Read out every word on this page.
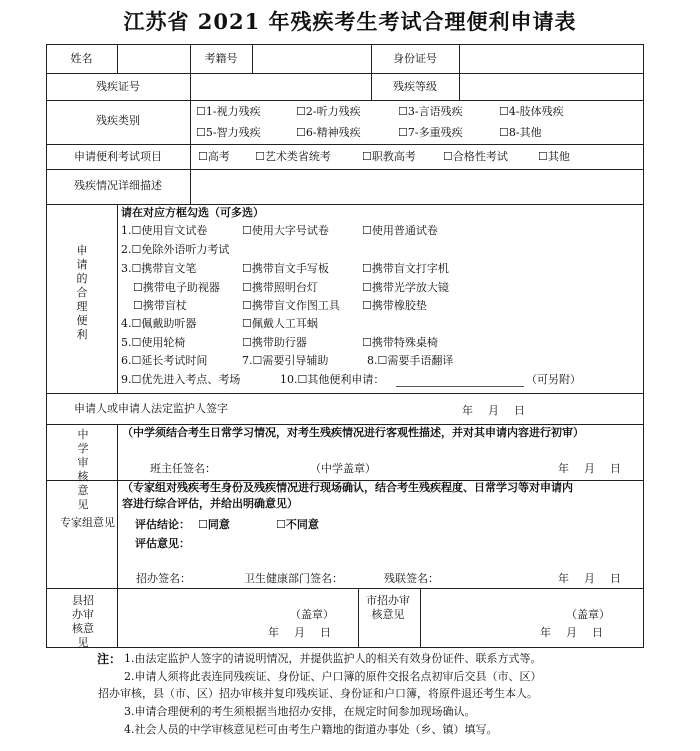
江苏省 2021 年残疾考生考试合理便利申请表
姓名	考籍号	身份证号
残疾证号	残疾等级
残疾类别
☐1-视力残疾	☐2-听力残疾	☐3-言语残疾	☐4-肢体残疾
☐5-智力残疾	☐6-精神残疾	☐7-多重残疾	☐8-其他
申请便利考试项目	☐高考 ☐艺术类省统考	☐职教高考 ☐合格性考试	☐其他
残疾情况详细描述
申请的合理便利
请在对应方框勾选（可多选）
1.☐使用盲文试卷	☐使用大字号试卷	☐使用普通试卷
2.☐免除外语听力考试
3.☐携带盲文笔	☐携带盲文手写板	☐携带盲文打字机
☐携带电子助视器 ☐携带照明台灯	☐携带光学放大镜
☐携带盲杖	☐携带盲文作图工具 ☐携带橡胶垫
4.☐佩戴助听器	☐佩戴人工耳蜗
5.☐使用轮椅	☐携带助行器	☐携带特殊桌椅
6.☐延长考试时间	7.☐需要引导辅助	8.☐需要手语翻译
9.☐优先进入考点、考场	10.☐其他便利申请：	（可另附）
申请人或申请人法定监护人签字	年　月　日
中学审核意见
（中学须结合考生日常学习情况，对考生残疾情况进行客观性描述，并对其申请内容进行初审）
班主任签名：	（中学盖章）	年　月　日
专家组意见
（专家组对残疾考生身份及残疾情况进行现场确认，结合考生残疾程度、日常学习等对申请内
容进行综合评估，并给出明确意见）
评估结论： ☐同意	☐不同意
评估意见：
招办签名：	卫生健康部门签名：	残联签名：	年　月　日
县招办审核意见
（盖章）
年　月　日
市招办审核意见	（盖章）
年　月　日
注： 1.由法定监护人签字的请说明情况，并提供监护人的相关有效身份证件、联系方式等。
2.申请人须将此表连同残疾证、身份证、户口簿的原件交报名点初审后交县（市、区）
招办审核，县（市、区）招办审核并复印残疾证、身份证和户口簿，将原件退还考生本人。
3.申请合理便利的考生须根据当地招办安排，在规定时间参加现场确认。
4.社会人员的中学审核意见栏可由考生户籍地的街道办事处（乡、镇）填写。
